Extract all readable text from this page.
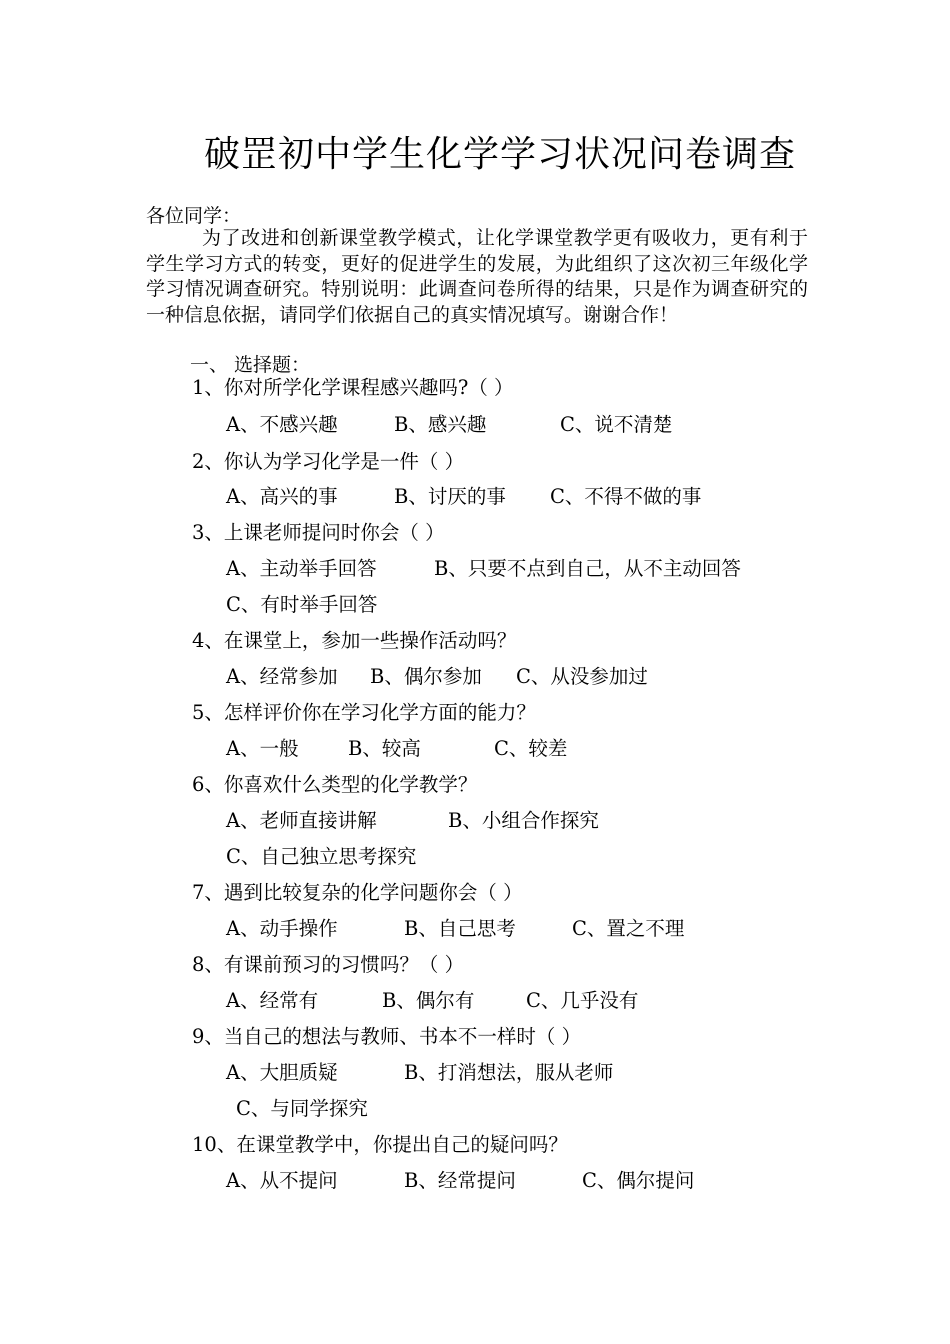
破罡初中学生化学学习状况问卷调查
各位同学：
为了改进和创新课堂教学模式，让化学课堂教学更有吸收力，更有利于学生学习方式的转变，更好的促进学生的发展，为此组织了这次初三年级化学学习情况调查研究。特别说明：此调查问卷所得的结果，只是作为调查研究的一种信息依据，请同学们依据自己的真实情况填写。谢谢合作！
一、 选择题：
1、你对所学化学课程感兴趣吗?（ ）
A、不感兴趣	B、感兴趣	C、说不清楚
2、你认为学习化学是一件（ ）
A、高兴的事	B、讨厌的事 C、不得不做的事
3、上课老师提问时你会（ ）
A、主动举手回答	B、只要不点到自己，从不主动回答
C、有时举手回答
4、在课堂上，参加一些操作活动吗？
A、经常参加 B、偶尔参加 C、从没参加过
5、怎样评价你在学习化学方面的能力？
A、一般	B、较高	C、较差
6、你喜欢什么类型的化学教学？
A、老师直接讲解	B、小组合作探究
C、自己独立思考探究
7、遇到比较复杂的化学问题你会（ ）
A、动手操作	B、自己思考	C、置之不理
8、有课前预习的习惯吗？（ ）
A、经常有	B、偶尔有	C、几乎没有
9、当自己的想法与教师、书本不一样时（ ）
A、大胆质疑	B、打消想法，服从老师
C、与同学探究
10、在课堂教学中，你提出自己的疑问吗？
A、从不提问	B、经常提问	C、偶尔提问
